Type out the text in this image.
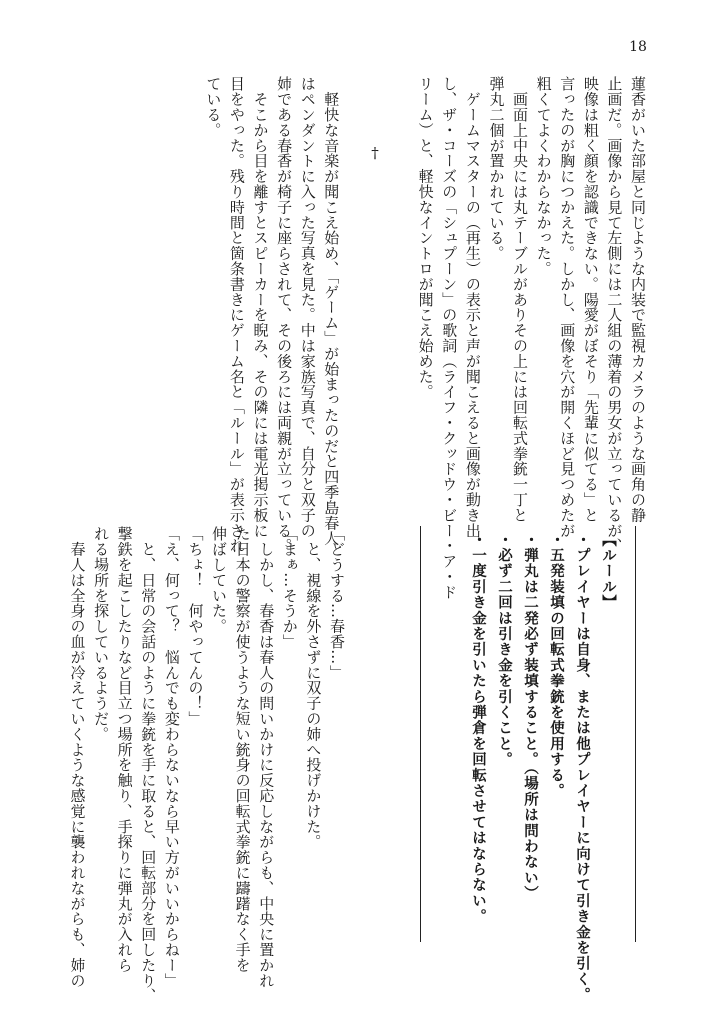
18
蓮香がいた部屋と同じような内装で監視カメラのような画角の静
止画だ。画像から見て左側には二人組の薄着の男女が立っているが、
映像は粗く顔を認識できない。陽愛がぼそり「先輩に似てる」と
言ったのが胸につかえた。しかし、画像を穴が開くほど見つめたが
粗くてよくわからなかった。
　画面上中央には丸テーブルがありその上には回転式拳銃一丁と
弾丸二個が置かれている。
　ゲームマスターの（再生）の表示と声が聞こえると画像が動き出
し、ザ・コーズの「シュプーン」の歌詞（ライフ・クッドウ・ビー・ア・ド
リーム）と、軽快なイントロが聞こえ始めた。

　軽快な音楽が聞こえ始め、「ゲーム」が始まったのだと四季島春人
はペンダントに入った写真を見た。中は家族写真で、自分と双子の
姉である春香が椅子に座らされて、その後ろには両親が立っている。
　そこから目を離すとスピーカーを睨み、その隣には電光掲示板に
目をやった。残り時間と箇条書きにゲーム名と「ルール」が表示され
ている。
†
【ルール】
・プレイヤーは自身、または他プレイヤーに向けて引き金を引く。
・五発装填の回転式拳銃を使用する。
・弾丸は二発必ず装填すること。（場所は問わない）
・必ず二回は引き金を引くこと。
・一度引き金を引いたら弾倉を回転させてはならない。
「どうする…春香…」
　と、視線を外さずに双子の姉へ投げかけた。
「まぁ…そうか」
　しかし、春香は春人の問いかけに反応しながらも、中央に置かれ
た日本の警察が使うような短い銃身の回転式拳銃に躊躇なく手を
伸ばしていた。
「ちょ！　何やってんの！」
「え、何って？　悩んでも変わらないなら早い方がいいからねー」
　と、日常の会話のように拳銃を手に取ると、回転部分を回したり、
撃鉄を起こしたりなど目立つ場所を触り、手探りに弾丸が入れら
れる場所を探しているようだ。
　春人は全身の血が冷えていくような感覚に襲われながらも、姉の
